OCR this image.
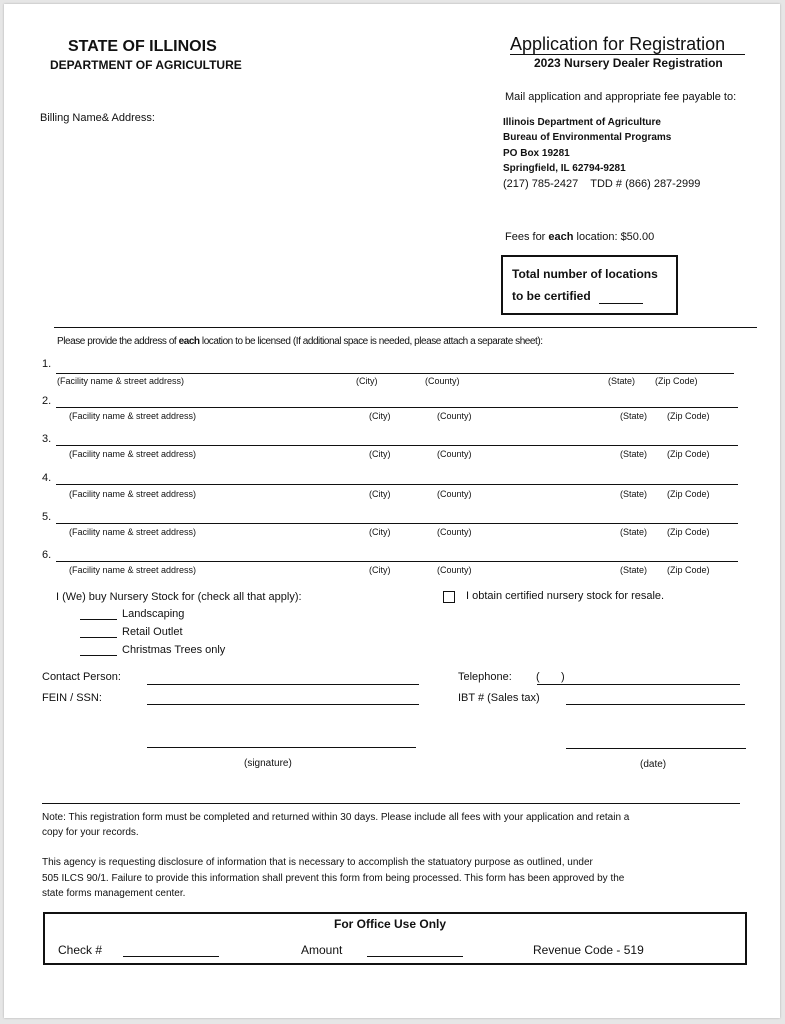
STATE OF ILLINOIS
DEPARTMENT OF AGRICULTURE
Application for Registration
2023 Nursery Dealer Registration
Billing Name& Address:
Mail application and appropriate fee payable to:
Illinois Department of Agriculture
Bureau of Environmental Programs
PO Box 19281
Springfield, IL 62794-9281
(217) 785-2427    TDD # (866) 287-2999
Fees for each location: $50.00
Total number of locations
to be certified
Please provide the address of each location to be licensed (If additional space is needed, please attach a separate sheet):
1.
(Facility name & street address)	(City)	(County)	(State) (Zip Code)
2.
(Facility name & street address)	(City)	(County)	(State) (Zip Code)
3.
(Facility name & street address)	(City)	(County)	(State) (Zip Code)
4.
(Facility name & street address)	(City)	(County)	(State) (Zip Code)
5.
(Facility name & street address)	(City)	(County)	(State) (Zip Code)
6.
(Facility name & street address)	(City)	(County)	(State) (Zip Code)
I (We) buy Nursery Stock for (check all that apply):
Landscaping
Retail Outlet
Christmas Trees only
I obtain certified nursery stock for resale.
Contact Person:
FEIN / SSN:
Telephone: (       )
IBT # (Sales tax)
(signature)	(date)
Note: This registration form must be completed and returned within 30 days. Please include all fees with your application and retain a
copy for your records.
This agency is requesting disclosure of information that is necessary to accomplish the statuatory purpose as outlined, under
505 ILCS 90/1. Failure to provide this information shall prevent this form from being processed. This form has been approved by the
state forms management center.
For Office Use Only
Check #	Amount	Revenue Code - 519
